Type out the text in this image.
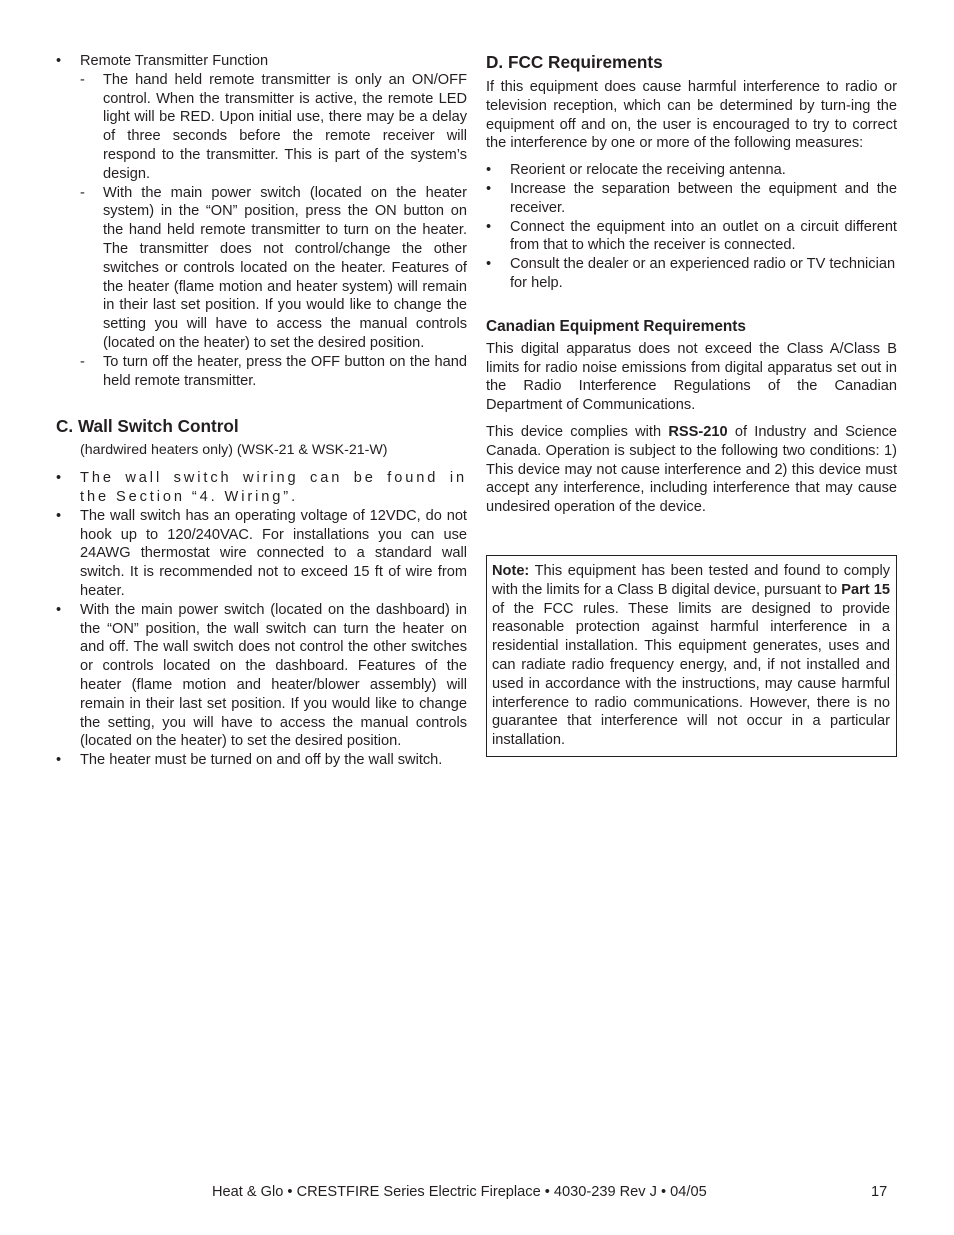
• Remote Transmitter Function
- The hand held remote transmitter is only an ON/OFF control. When the transmitter is active, the remote LED light will be RED. Upon initial use, there may be a delay of three seconds before the remote receiver will respond to the transmitter. This is part of the system’s design.
- With the main power switch (located on the heater system) in the “ON” position, press the ON button on the hand held remote transmitter to turn on the heater. The transmitter does not control/change the other switches or controls located on the heater. Features of the heater (flame motion and heater system) will remain in their last set position. If you would like to change the setting you will have to access the manual controls (located on the heater) to set the desired position.
- To turn off the heater, press the OFF button on the hand held remote transmitter.
C. Wall Switch Control
(hardwired heaters only) (WSK-21 & WSK-21-W)
• The wall switch wiring can be found in the Section “4. Wiring”.
• The wall switch has an operating voltage of 12VDC, do not hook up to 120/240VAC. For installations you can use 24AWG thermostat wire connected to a standard wall switch. It is recommended not to exceed 15 ft of wire from heater.
• With the main power switch (located on the dashboard) in the “ON” position, the wall switch can turn the heater on and off. The wall switch does not control the other switches or controls located on the dashboard. Features of the heater (flame motion and heater/blower assembly) will remain in their last set position. If you would like to change the setting, you will have to access the manual controls (located on the heater) to set the desired position.
• The heater must be turned on and off by the wall switch.
D. FCC Requirements

If this equipment does cause harmful interference to radio or television reception, which can be determined by turn-ing the equipment off and on, the user is encouraged to try to correct the interference by one or more of the following measures:

• Reorient or relocate the receiving antenna.
• Increase the separation between the equipment and the receiver.
• Connect the equipment into an outlet on a circuit different from that to which the receiver is connected.
• Consult the dealer or an experienced radio or TV technician for help.
Canadian Equipment Requirements

This digital apparatus does not exceed the Class A/Class B limits for radio noise emissions from digital apparatus set out in the Radio Interference Regulations of the Canadian Department of Communications.

This device complies with RSS-210 of Industry and Science Canada. Operation is subject to the following two conditions: 1) This device may not cause interference and 2) this device must accept any interference, including interference that may cause undesired operation of the device.

Note: This equipment has been tested and found to comply with the limits for a Class B digital device, pursuant to Part 15 of the FCC rules. These limits are designed to provide reasonable protection against harmful interference in a residential installation. This equipment generates, uses and can radiate radio frequency energy, and, if not installed and used in accordance with the instructions, may cause harmful interference to radio communications. However, there is no guarantee that interference will not occur in a particular installation.
Heat & Glo • CRESTFIRE Series Electric Fireplace • 4030-239 Rev J • 04/05	17
